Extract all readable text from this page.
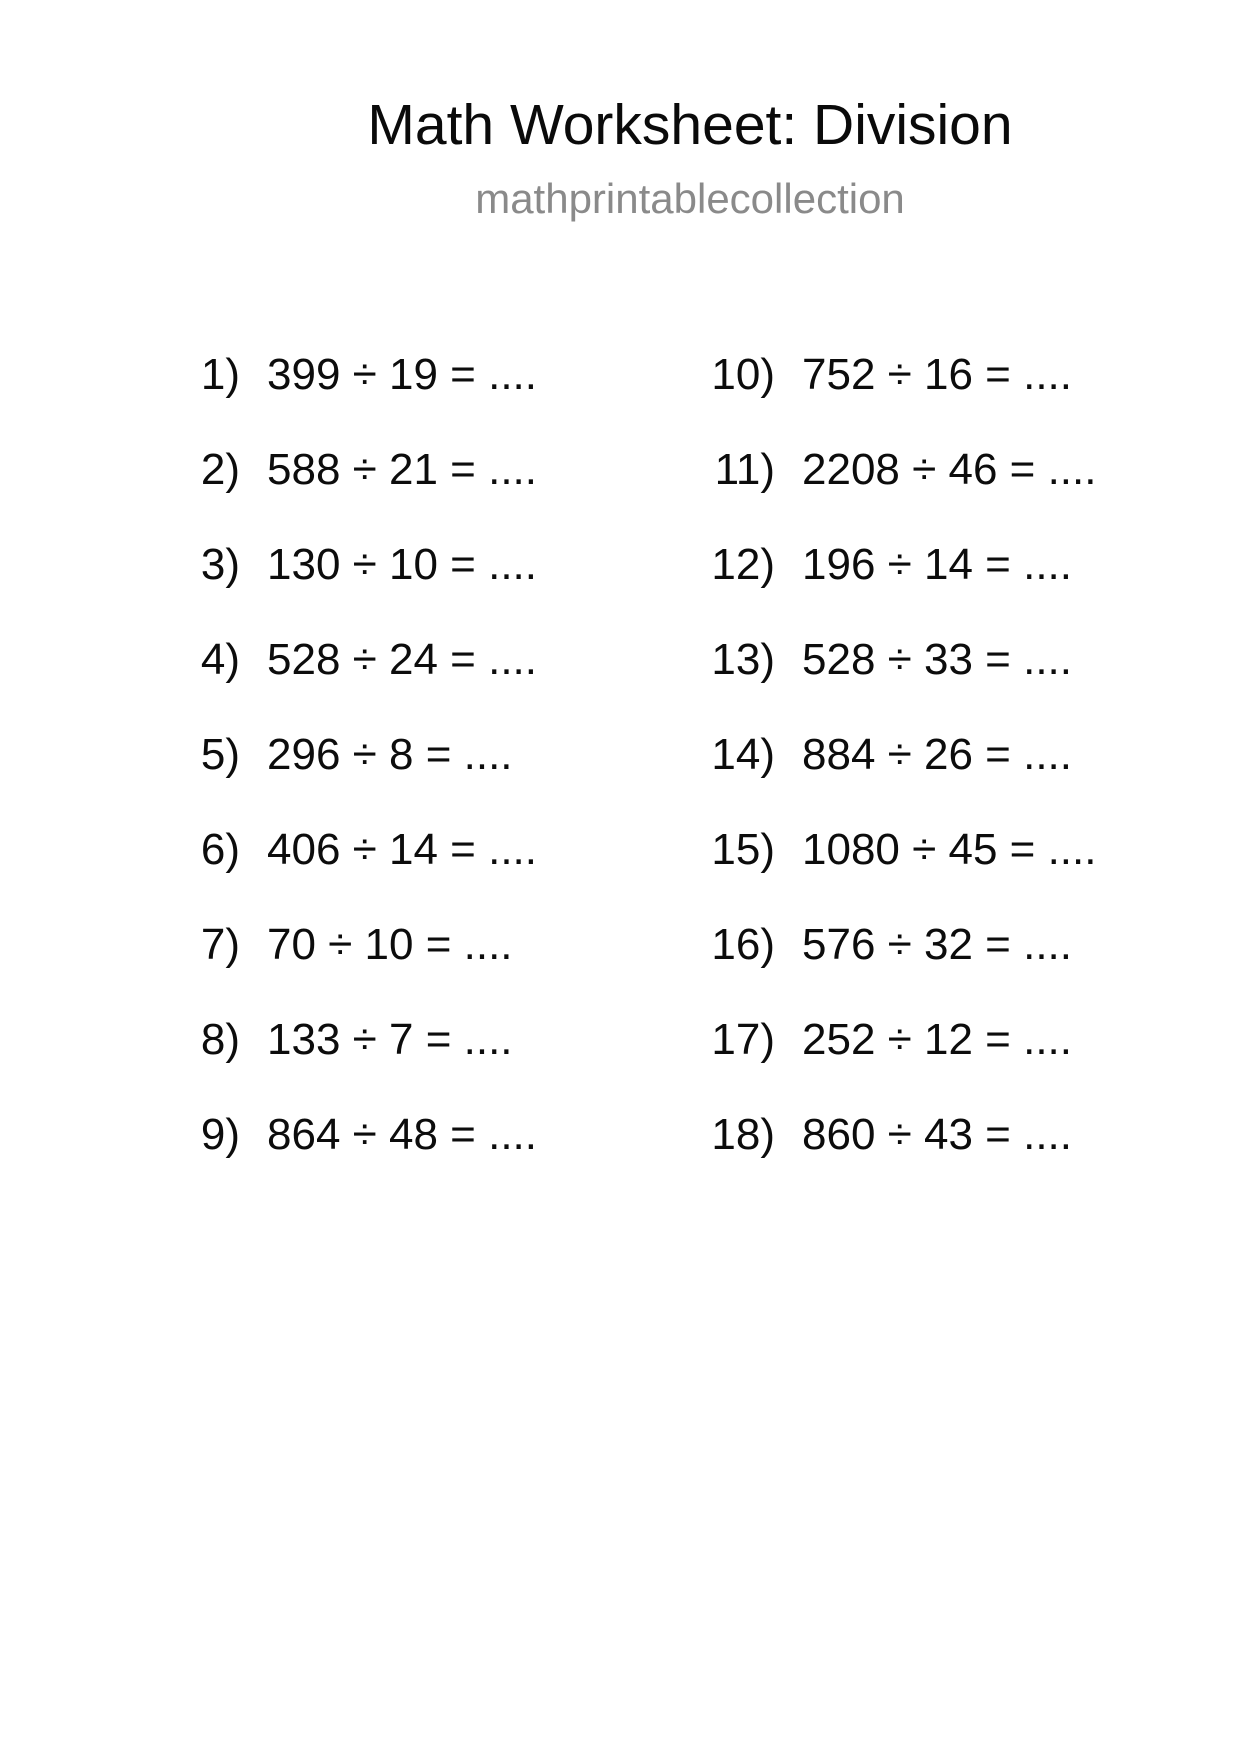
Math Worksheet: Division
mathprintablecollection
1) 399 ÷ 19 = ....
2) 588 ÷ 21 = ....
3) 130 ÷ 10 = ....
4) 528 ÷ 24 = ....
5) 296 ÷ 8 = ....
6) 406 ÷ 14 = ....
7) 70 ÷ 10 = ....
8) 133 ÷ 7 = ....
9) 864 ÷ 48 = ....
10) 752 ÷ 16 = ....
11) 2208 ÷ 46 = ....
12) 196 ÷ 14 = ....
13) 528 ÷ 33 = ....
14) 884 ÷ 26 = ....
15) 1080 ÷ 45 = ....
16) 576 ÷ 32 = ....
17) 252 ÷ 12 = ....
18) 860 ÷ 43 = ....
